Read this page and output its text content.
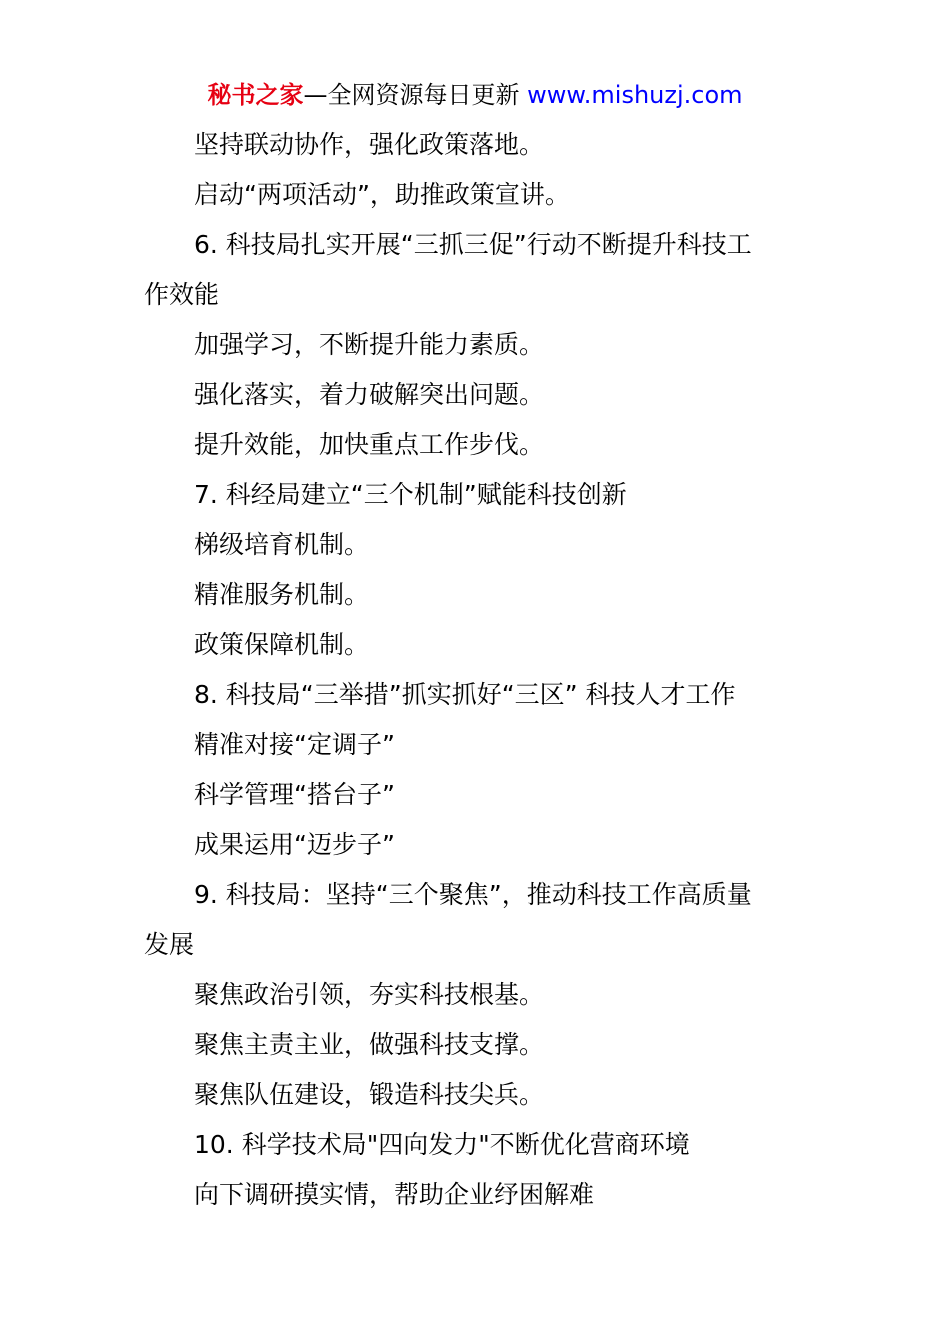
秘书之家—全网资源每日更新 www.mishuzj.com
坚持联动协作，强化政策落地。
启动“两项活动”，助推政策宣讲。
6. 科技局扎实开展“三抓三促”行动不断提升科技工
作效能
加强学习，不断提升能力素质。
强化落实，着力破解突出问题。
提升效能，加快重点工作步伐。
7. 科经局建立“三个机制”赋能科技创新
梯级培育机制。
精准服务机制。
政策保障机制。
8. 科技局“三举措”抓实抓好“三区” 科技人才工作
精准对接“定调子”
科学管理“搭台子”
成果运用“迈步子”
9. 科技局：坚持“三个聚焦”，推动科技工作高质量
发展
聚焦政治引领，夯实科技根基。
聚焦主责主业，做强科技支撑。
聚焦队伍建设，锻造科技尖兵。
10. 科学技术局"四向发力"不断优化营商环境
向下调研摸实情，帮助企业纾困解难
